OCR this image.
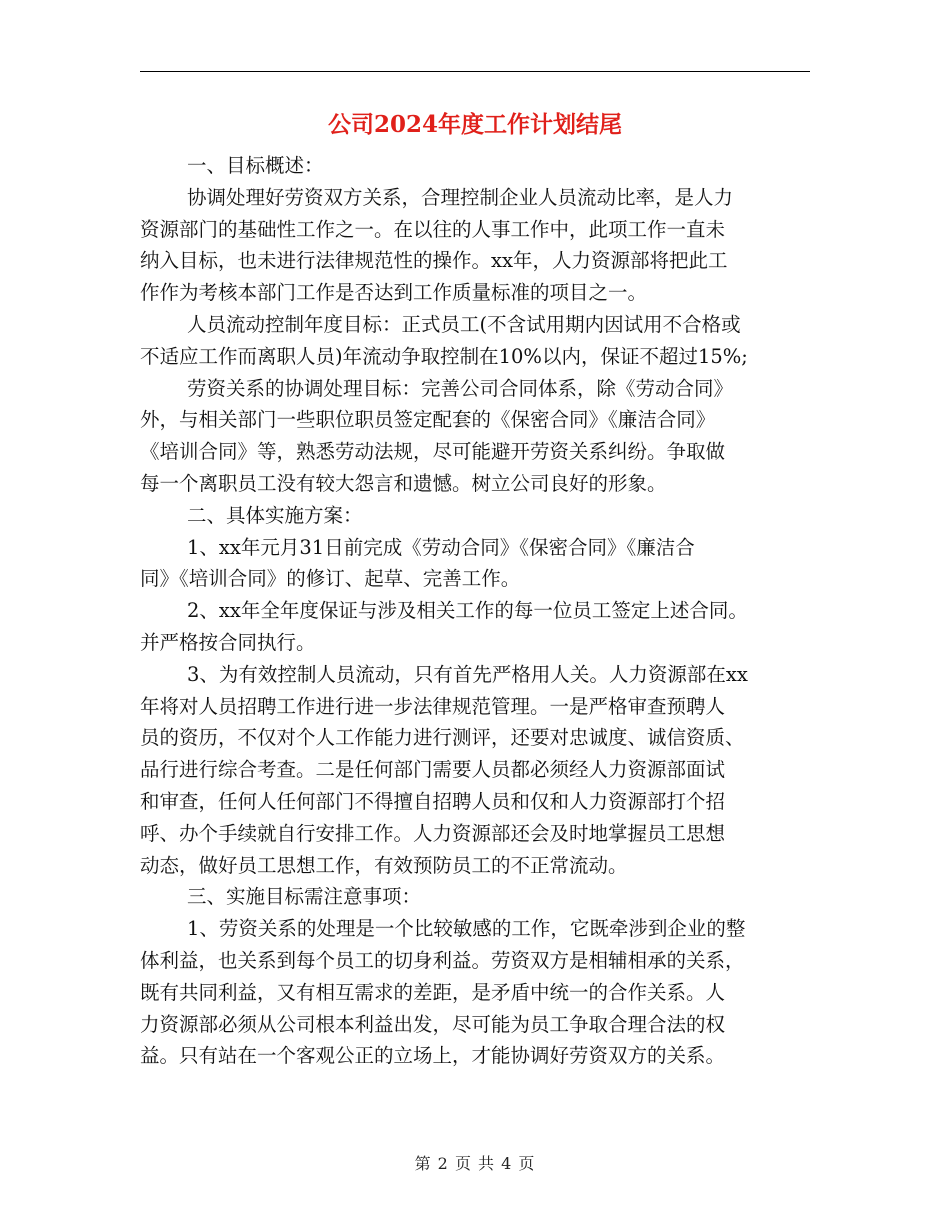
公司2024年度工作计划结尾
一、目标概述：
协调处理好劳资双方关系，合理控制企业人员流动比率，是人力
资源部门的基础性工作之一。在以往的人事工作中，此项工作一直未
纳入目标，也未进行法律规范性的操作。xx年，人力资源部将把此工
作作为考核本部门工作是否达到工作质量标准的项目之一。
人员流动控制年度目标：正式员工(不含试用期内因试用不合格或
不适应工作而离职人员)年流动争取控制在10%以内，保证不超过15%;
劳资关系的协调处理目标：完善公司合同体系，除《劳动合同》
外，与相关部门一些职位职员签定配套的《保密合同》《廉洁合同》
《培训合同》等，熟悉劳动法规，尽可能避开劳资关系纠纷。争取做
每一个离职员工没有较大怨言和遗憾。树立公司良好的形象。
二、具体实施方案：
1、xx年元月31日前完成《劳动合同》《保密合同》《廉洁合
同》《培训合同》的修订、起草、完善工作。
2、xx年全年度保证与涉及相关工作的每一位员工签定上述合同。
并严格按合同执行。
3、为有效控制人员流动，只有首先严格用人关。人力资源部在xx
年将对人员招聘工作进行进一步法律规范管理。一是严格审查预聘人
员的资历，不仅对个人工作能力进行测评，还要对忠诚度、诚信资质、
品行进行综合考查。二是任何部门需要人员都必须经人力资源部面试
和审查，任何人任何部门不得擅自招聘人员和仅和人力资源部打个招
呼、办个手续就自行安排工作。人力资源部还会及时地掌握员工思想
动态，做好员工思想工作，有效预防员工的不正常流动。
三、实施目标需注意事项：
1、劳资关系的处理是一个比较敏感的工作，它既牵涉到企业的整
体利益，也关系到每个员工的切身利益。劳资双方是相辅相承的关系，
既有共同利益，又有相互需求的差距，是矛盾中统一的合作关系。人
力资源部必须从公司根本利益出发，尽可能为员工争取合理合法的权
益。只有站在一个客观公正的立场上，才能协调好劳资双方的关系。
第 2 页 共 4 页
